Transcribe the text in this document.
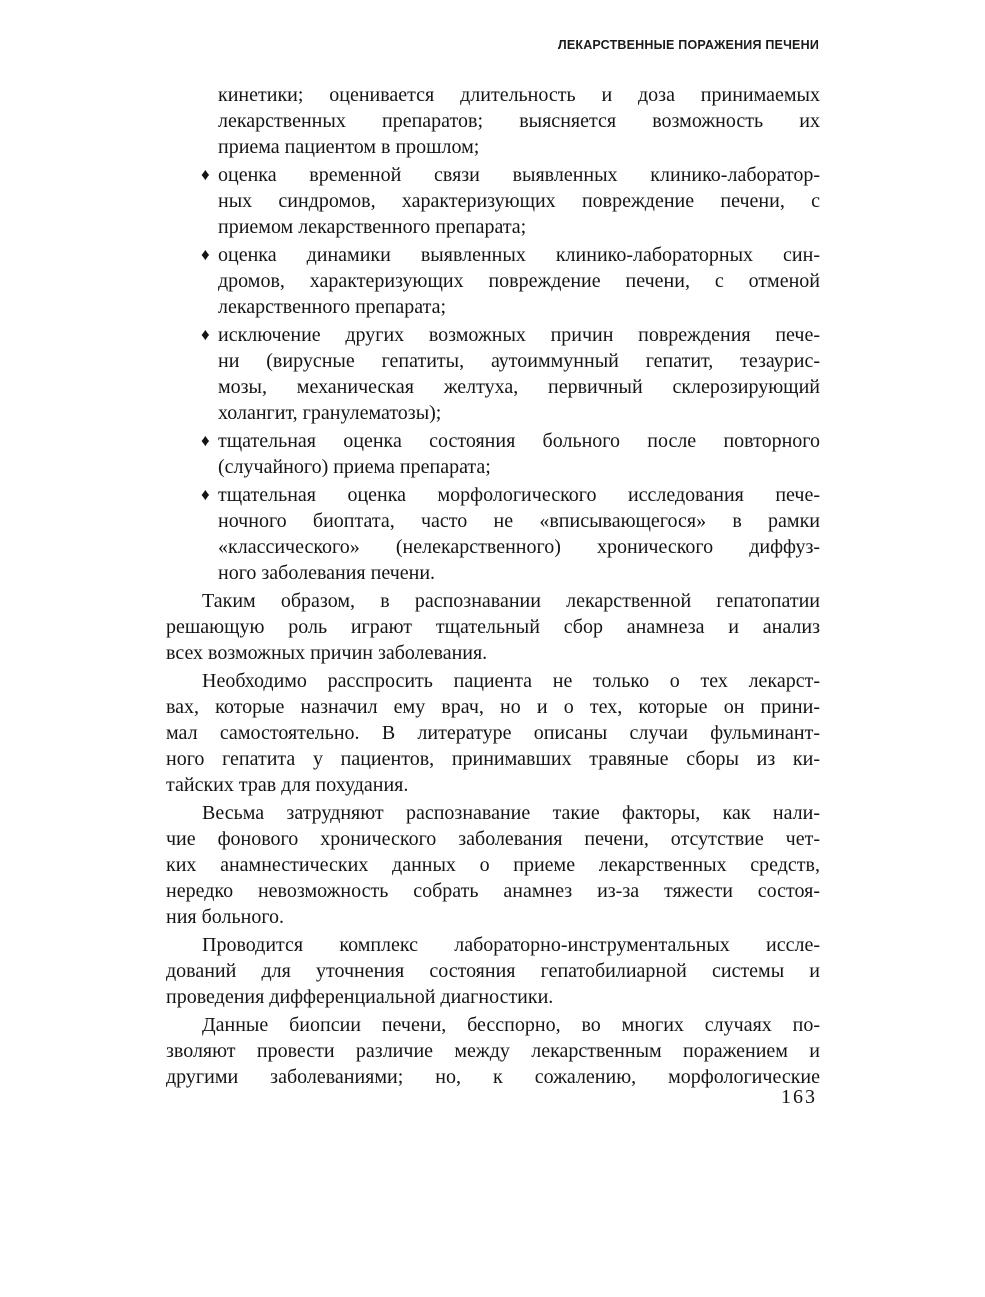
ЛЕКАРСТВЕННЫЕ ПОРАЖЕНИЯ ПЕЧЕНИ
кинетики; оценивается длительность и доза принимаемых
лекарственных препаратов; выясняется возможность их
приема пациентом в прошлом;
♦ оценка временной связи выявленных клинико-лаборатор-
ных синдромов, характеризующих повреждение печени, с
приемом лекарственного препарата;
♦ оценка динамики выявленных клинико-лабораторных син-
дромов, характеризующих повреждение печени, с отменой
лекарственного препарата;
♦ исключение других возможных причин повреждения пече-
ни (вирусные гепатиты, аутоиммунный гепатит, тезаурис-
мозы, механическая желтуха, первичный склерозирующий
холангит, гранулематозы);
♦ тщательная оценка состояния больного после повторного
(случайного) приема препарата;
♦ тщательная оценка морфологического исследования пече-
ночного биоптата, часто не «вписывающегося» в рамки
«классического» (нелекарственного) хронического диффуз-
ного заболевания печени.
Таким образом, в распознавании лекарственной гепатопатии
решающую роль играют тщательный сбор анамнеза и анализ
всех возможных причин заболевания.
Необходимо расспросить пациента не только о тех лекарст-
вах, которые назначил ему врач, но и о тех, которые он прини-
мал самостоятельно. В литературе описаны случаи фульминант-
ного гепатита у пациентов, принимавших травяные сборы из ки-
тайских трав для похудания.
Весьма затрудняют распознавание такие факторы, как нали-
чие фонового хронического заболевания печени, отсутствие чет-
ких анамнестических данных о приеме лекарственных средств,
нередко невозможность собрать анамнез из-за тяжести состоя-
ния больного.
Проводится комплекс лабораторно-инструментальных иссле-
дований для уточнения состояния гепатобилиарной системы и
проведения дифференциальной диагностики.
Данные биопсии печени, бесспорно, во многих случаях по-
зволяют провести различие между лекарственным поражением и
другими заболеваниями; но, к сожалению, морфологические
163
